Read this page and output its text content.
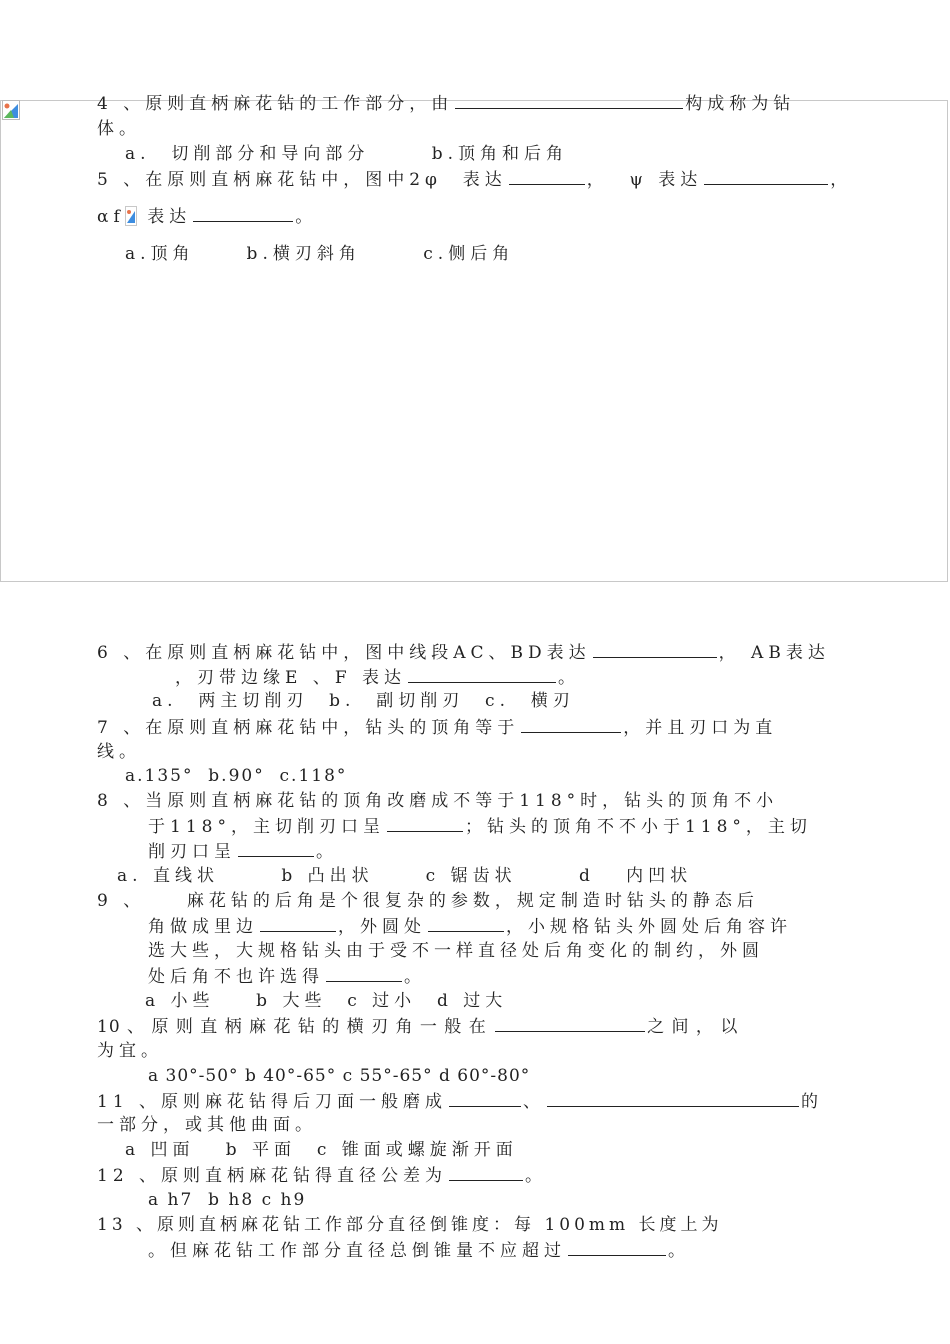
4 、原则直柄麻花钻的工作部分，由	构成称为钻
体。
a.  切削部分和导向部分      b.顶角和后角
5 、在原则直柄麻花钻中，图中2φ  表达	，  ψ 表达	，
αf 表达	。
a.顶角     b.横刃斜角      c.侧后角
6 、在原则直柄麻花钻中，图中线段AC、BD表达	， AB表达
，刃带边缘E 、F 表达	。
a.  两主切削刃  b.  副切削刃  c.  横刃
7 、在原则直柄麻花钻中，钻头的顶角等于	，并且刃口为直
线。
a.135°  b.90°  c.118°
8 、当原则直柄麻花钻的顶角改磨成不等于118°时，钻头的顶角不小
于118°，主切削刃口呈	；钻头的顶角不不小于118°，主切
削刃口呈	。
a. 直线状      b 凸出状     c 锯齿状      d   内凹状
9 、    麻花钻的后角是个很复杂的参数，规定制造时钻头的静态后
角做成里边	，外圆处	，小规格钻头外圆处后角容许
选大些，大规格钻头由于受不一样直径处后角变化的制约，外圆
处后角不也许选得	。
a 小些    b 大些  c 过小  d 过大
10 、 原 则 直 柄 麻 花 钻 的 横 刃 角 一 般 在	之 间 ， 以
为宜。
a 30°-50° b 40°-65° c 55°-65° d 60°-80°
11 、原则麻花钻得后刀面一般磨成	、	的
一部分，或其他曲面。
a 凹面   b 平面  c 锥面或螺旋渐开面
12 、原则直柄麻花钻得直径公差为	。
a h7  b h8 c h9
13 、原则直柄麻花钻工作部分直径倒锥度：每 100mm 长度上为
。但麻花钻工作部分直径总倒锥量不应超过	。
